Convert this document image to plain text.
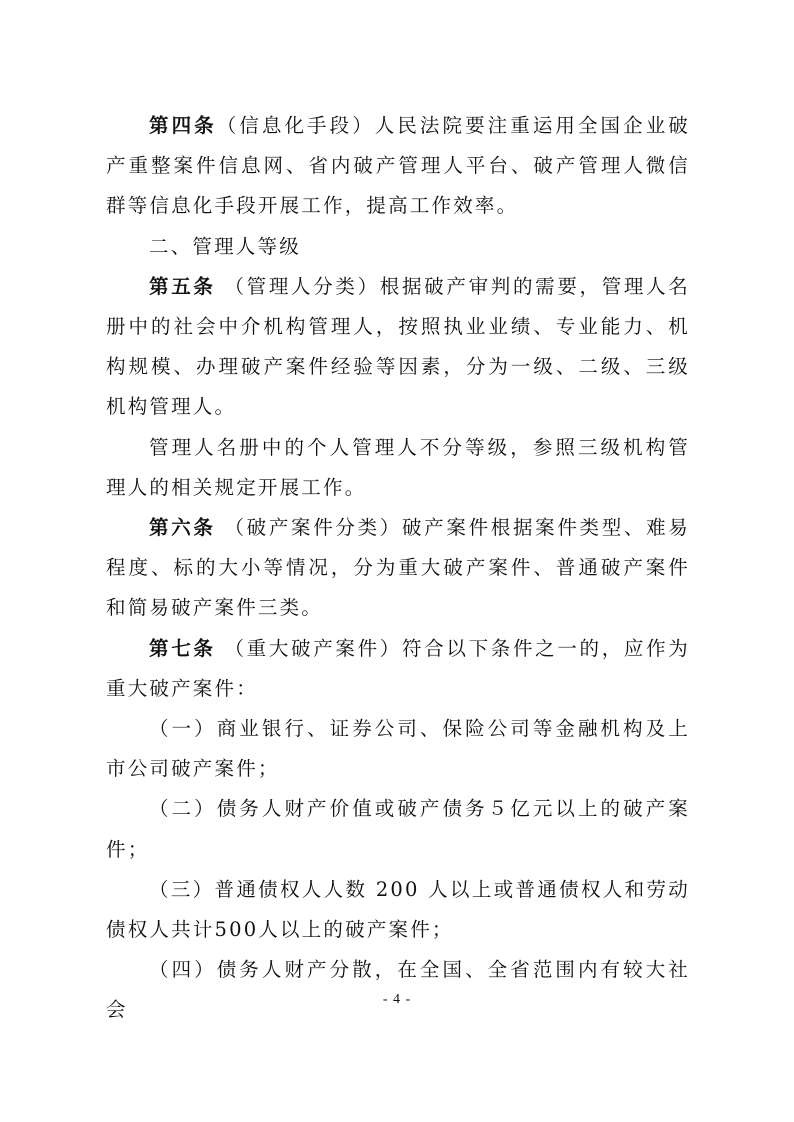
第四条（信息化手段）人民法院要注重运用全国企业破产重整案件信息网、省内破产管理人平台、破产管理人微信群等信息化手段开展工作，提高工作效率。

二、管理人等级

第五条 （管理人分类）根据破产审判的需要，管理人名册中的社会中介机构管理人，按照执业业绩、专业能力、机构规模、办理破产案件经验等因素，分为一级、二级、三级机构管理人。

管理人名册中的个人管理人不分等级，参照三级机构管理人的相关规定开展工作。

第六条 （破产案件分类）破产案件根据案件类型、难易程度、标的大小等情况，分为重大破产案件、普通破产案件和简易破产案件三类。

第七条 （重大破产案件）符合以下条件之一的，应作为重大破产案件：

（一）商业银行、证券公司、保险公司等金融机构及上市公司破产案件；

（二）债务人财产价值或破产债务５亿元以上的破产案件；

（三）普通债权人人数 200 人以上或普通债权人和劳动债权人共计500人以上的破产案件；

（四）债务人财产分散，在全国、全省范围内有较大社会	- 4 -
